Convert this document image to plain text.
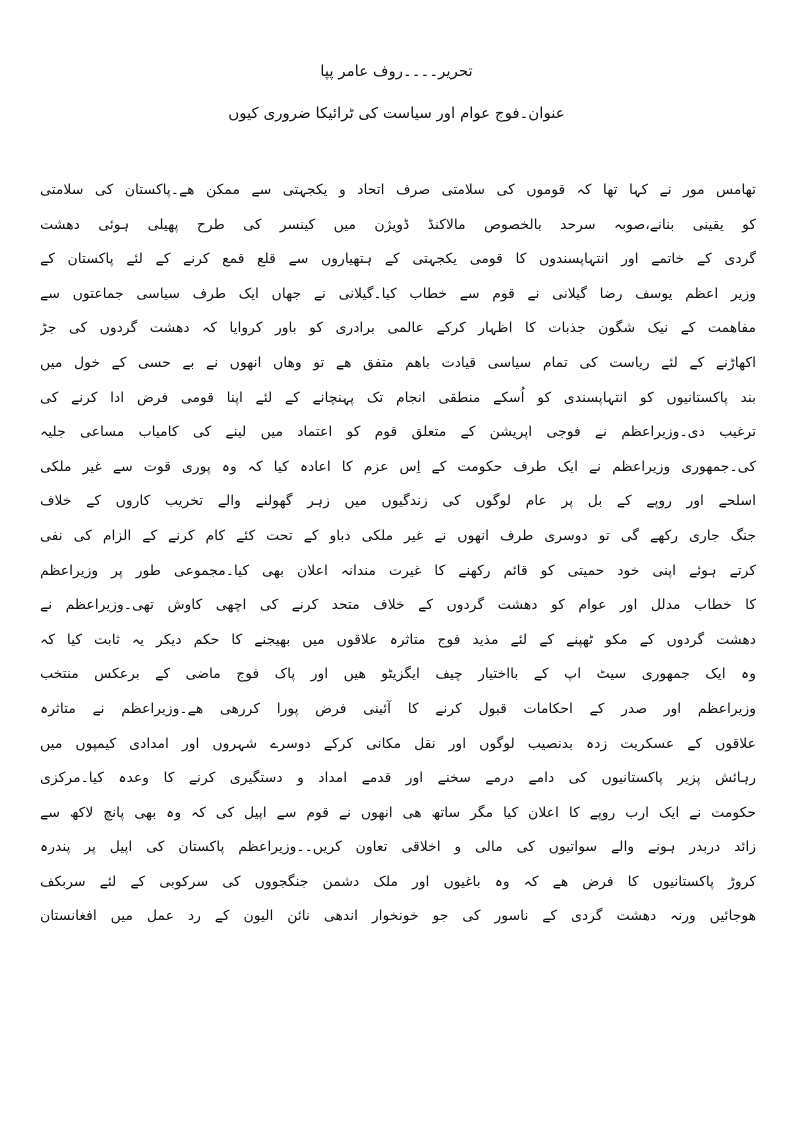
تحریر۔۔۔۔روف عامر پپا
عنوان۔فوج عوام اور سیاست کی ٹرائیکا ضروری کیوں
تھامس مور نے کہا تھا کہ قوموں کی سلامتی صرف اتحاد و یکجہتی سے ممکن ھے۔پاکستان کی سلامتی
کو یقینی بنانے،صوبہ سرحد بالخصوص مالاکنڈ ڈویژن میں کینسر کی طرح پھیلی ہوئی دھشت
گردی کے خاتمے اور انتہاپسندوں کا قومی یکجہتی کے ہتھیاروں سے قلع قمع کرنے کے لئے پاکستان کے
وزیر اعظم یوسف رضا گیلانی نے قوم سے خطاب کیا۔گیلانی نے جھاں ایک طرف سیاسی جماعتوں سے
مفاھمت کے نیک شگون جذبات کا اظہار کرکے عالمی برادری کو باور کروایا کہ دھشت گردوں کی جڑ
اکھاڑنے کے لئے ریاست کی تمام سیاسی قیادت باھم متفق ھے تو وھاں انھوں نے بے حسی کے خول میں
بند پاکستانیوں کو انتہاپسندی کو اُسکے منطقی انجام تک پہنچانے کے لئے اپنا قومی فرض ادا کرنے کی
ترغیب دی۔وزیراعظم نے فوجی اپریشن کے متعلق قوم کو اعتماد میں لینے کی کامیاب مساعی جلیہ
کی۔جمھوری وزیراعظم نے ایک طرف حکومت کے اِس عزم کا اعادہ کیا کہ وہ پوری قوت سے غیر ملکی
اسلحے اور روپے کے بل پر عام لوگوں کی زندگیوں میں زہر گھولنے والے تخریب کاروں کے خلاف
جنگ جاری رکھے گی تو دوسری طرف انھوں نے غیر ملکی دباو کے تحت کئے کام کرنے کے الزام کی نفی
کرتے ہوئے اپنی خود حمیتی کو قائم رکھنے کا غیرت مندانہ اعلان بھی کیا۔مجموعی طور پر وزیراعظم
کا خطاب مدلل اور عوام کو دھشت گردوں کے خلاف متحد کرنے کی اچھی کاوش تھی۔وزیراعظم نے
دھشت گردوں کے مکو ٹھپنے کے لئے مذید فوج متاثرہ علاقوں میں بھیجنے کا حکم دیکر یہ ثابت کیا کہ
وہ ایک جمھوری سیٹ اپ کے بااختیار چیف ایگزیٹو ھیں اور پاک فوج ماضی کے برعکس منتخب
وزیراعظم اور صدر کے احکامات قبول کرنے کا آئینی فرض پورا کررھی ھے۔وزیراعظم نے متاثرہ
علاقوں کے عسکریت زدہ بدنصیب لوگوں اور نقل مکانی کرکے دوسرے شہروں اور امدادی کیمپوں میں
رہائش پزیر پاکستانیوں کی دامے درمے سخنے اور قدمے امداد و دستگیری کرنے کا وعدہ کیا۔مرکزی
حکومت نے ایک ارب روپے کا اعلان کیا مگر ساتھ ھی انھوں نے قوم سے اپیل کی کہ وہ بھی پانچ لاکھ سے
زائد دربدر ہونے والے سواتیوں کی مالی و اخلاقی تعاون کریں۔۔وزیراعظم پاکستان کی اپیل پر پندرہ
کروڑ پاکستانیوں کا فرض ھے کہ وہ باغیوں اور ملک دشمن جنگجووں کی سرکوبی کے لئے سربکف
ھوجائیں ورنہ دھشت گردی کے ناسور کی جو خونخوار اندھی نائن الیون کے رد عمل میں افغانستان
